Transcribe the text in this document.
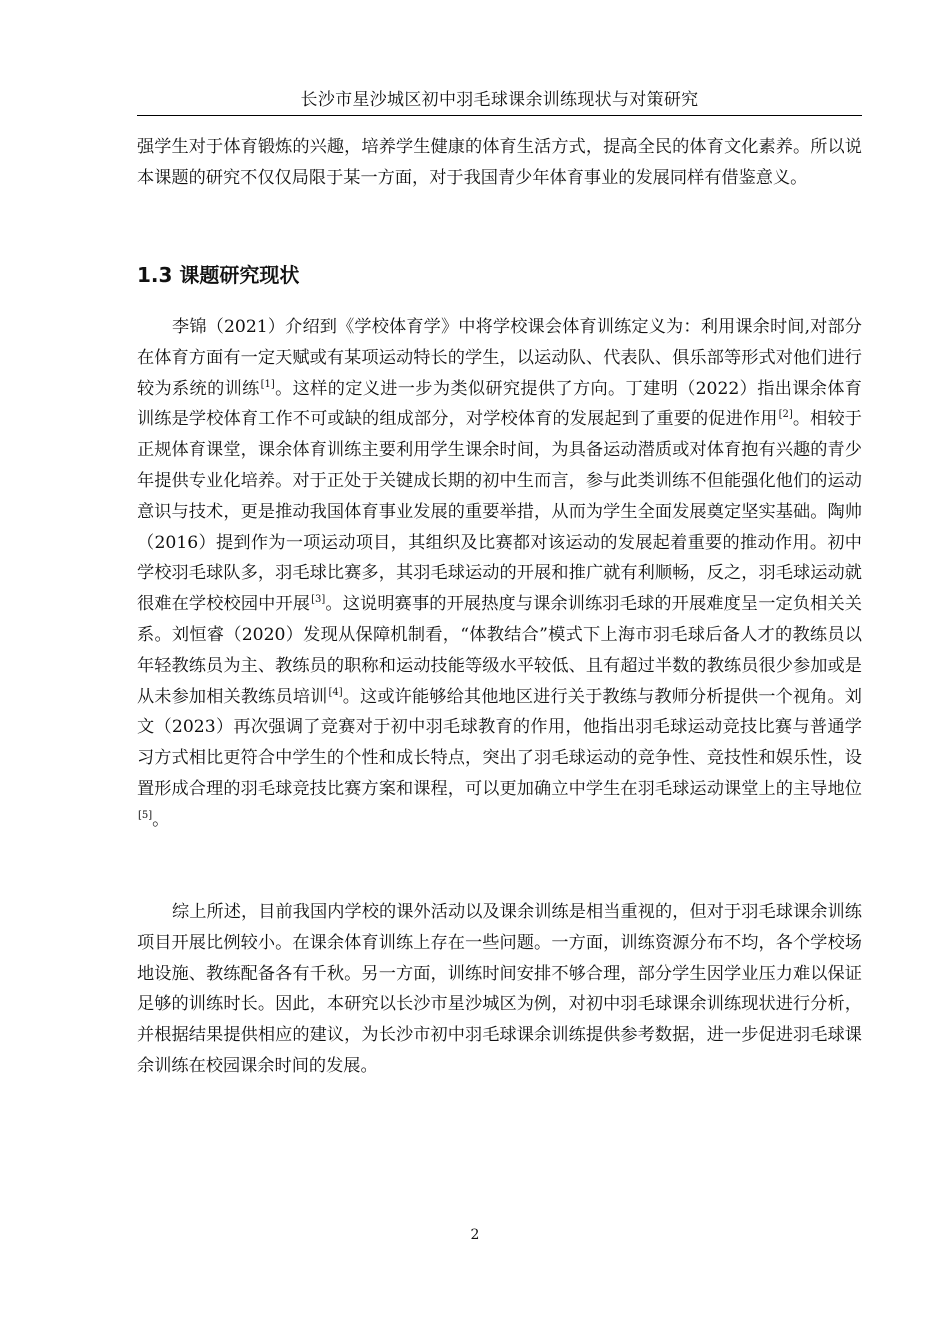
长沙市星沙城区初中羽毛球课余训练现状与对策研究

强学生对于体育锻炼的兴趣，培养学生健康的体育生活方式，提高全民的体育文化素养。所以说本课题的研究不仅仅局限于某一方面，对于我国青少年体育事业的发展同样有借鉴意义。

1.3 课题研究现状

李锦（2021）介绍到《学校体育学》中将学校课会体育训练定义为：利用课余时间,对部分在体育方面有一定天赋或有某项运动特长的学生，以运动队、代表队、俱乐部等形式对他们进行较为系统的训练[1]。这样的定义进一步为类似研究提供了方向。丁建明（2022）指出课余体育训练是学校体育工作不可或缺的组成部分，对学校体育的发展起到了重要的促进作用[2]。相较于正规体育课堂，课余体育训练主要利用学生课余时间，为具备运动潜质或对体育抱有兴趣的青少年提供专业化培养。对于正处于关键成长期的初中生而言，参与此类训练不但能强化他们的运动意识与技术，更是推动我国体育事业发展的重要举措，从而为学生全面发展奠定坚实基础。陶帅（2016）提到作为一项运动项目，其组织及比赛都对该运动的发展起着重要的推动作用。初中学校羽毛球队多，羽毛球比赛多，其羽毛球运动的开展和推广就有利顺畅，反之，羽毛球运动就很难在学校校园中开展[3]。这说明赛事的开展热度与课余训练羽毛球的开展难度呈一定负相关关系。刘恒睿（2020）发现从保障机制看，“体教结合”模式下上海市羽毛球后备人才的教练员以年轻教练员为主、教练员的职称和运动技能等级水平较低、且有超过半数的教练员很少参加或是从未参加相关教练员培训[4]。这或许能够给其他地区进行关于教练与教师分析提供一个视角。刘文（2023）再次强调了竞赛对于初中羽毛球教育的作用，他指出羽毛球运动竞技比赛与普通学习方式相比更符合中学生的个性和成长特点，突出了羽毛球运动的竞争性、竞技性和娱乐性，设置形成合理的羽毛球竞技比赛方案和课程，可以更加确立中学生在羽毛球运动课堂上的主导地位[5]。

综上所述，目前我国内学校的课外活动以及课余训练是相当重视的，但对于羽毛球课余训练项目开展比例较小。在课余体育训练上存在一些问题。一方面，训练资源分布不均，各个学校场地设施、教练配备各有千秋。另一方面，训练时间安排不够合理，部分学生因学业压力难以保证足够的训练时长。因此，本研究以长沙市星沙城区为例，对初中羽毛球课余训练现状进行分析，并根据结果提供相应的建议，为长沙市初中羽毛球课余训练提供参考数据，进一步促进羽毛球课余训练在校园课余时间的发展。

2
